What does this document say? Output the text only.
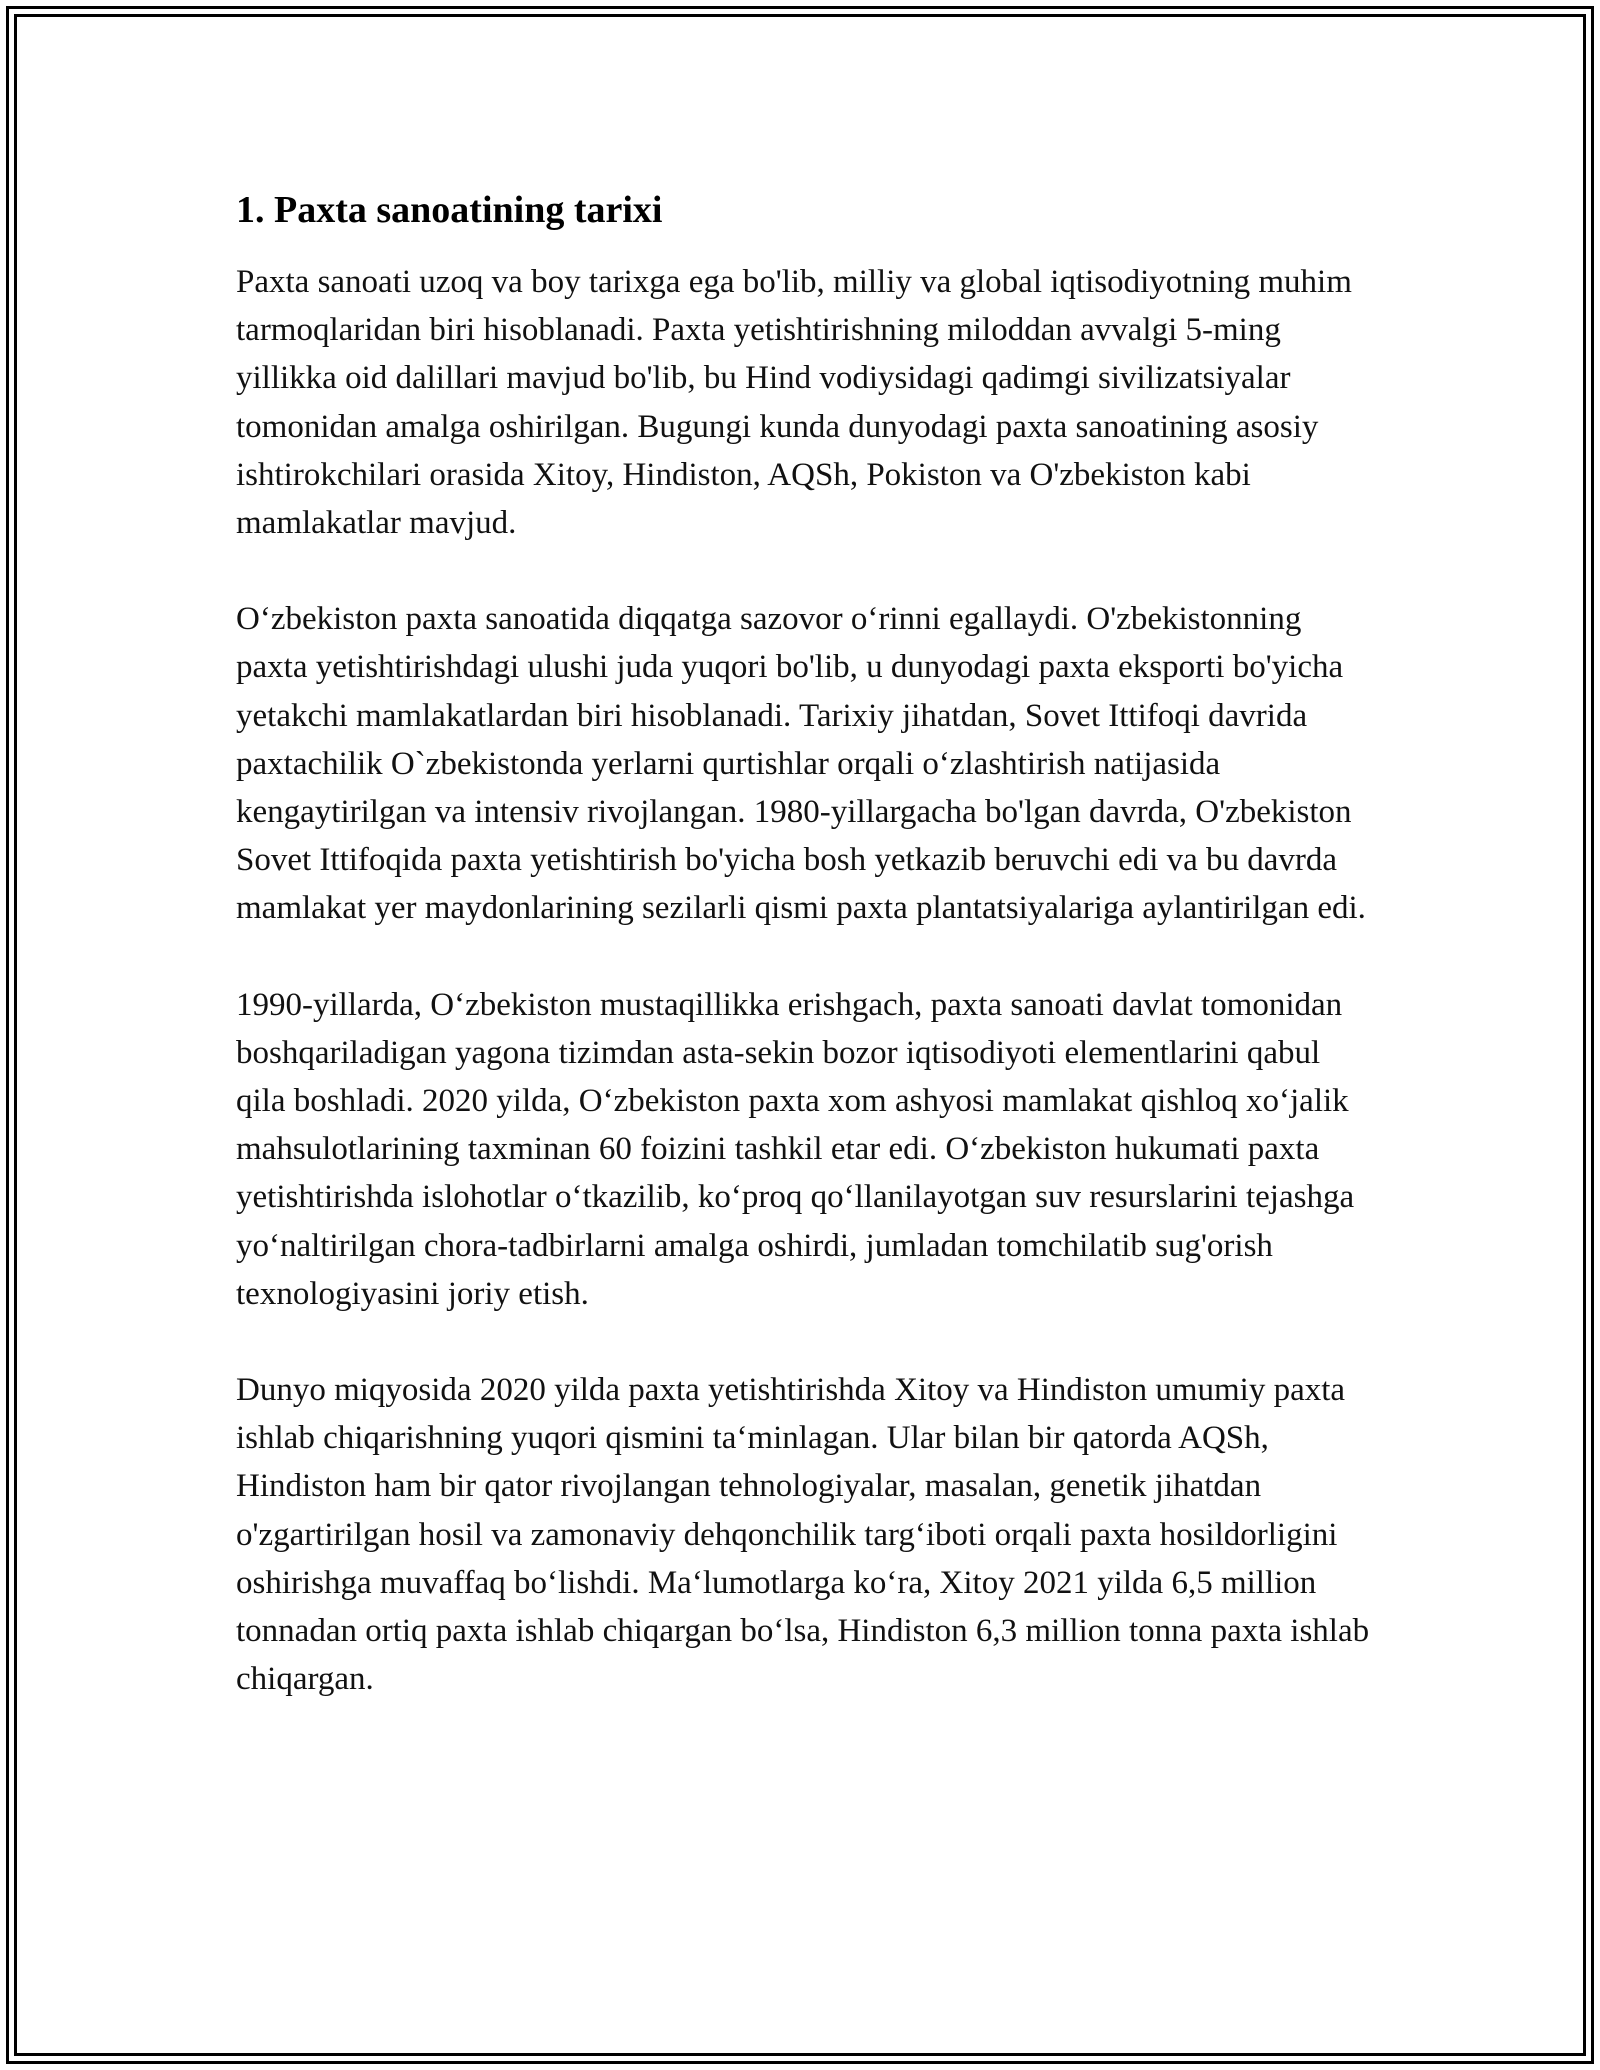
1. Paxta sanoatining tarixi

Paxta sanoati uzoq va boy tarixga ega bo'lib, milliy va global iqtisodiyotning muhim tarmoqlaridan biri hisoblanadi. Paxta yetishtirishning miloddan avvalgi 5-ming yillikka oid dalillari mavjud bo'lib, bu Hind vodiysidagi qadimgi sivilizatsiyalar tomonidan amalga oshirilgan. Bugungi kunda dunyodagi paxta sanoatining asosiy ishtirokchilari orasida Xitoy, Hindiston, AQSh, Pokiston va O'zbekiston kabi mamlakatlar mavjud.

O‘zbekiston paxta sanoatida diqqatga sazovor o‘rinni egallaydi. O'zbekistonning paxta yetishtirishdagi ulushi juda yuqori bo'lib, u dunyodagi paxta eksporti bo'yicha yetakchi mamlakatlardan biri hisoblanadi. Tarixiy jihatdan, Sovet Ittifoqi davrida paxtachilik O`zbekistonda yerlarni qurtishlar orqali o‘zlashtirish natijasida kengaytirilgan va intensiv rivojlangan. 1980-yillargacha bo'lgan davrda, O'zbekiston Sovet Ittifoqida paxta yetishtirish bo'yicha bosh yetkazib beruvchi edi va bu davrda mamlakat yer maydonlarining sezilarli qismi paxta plantatsiyalariga aylantirilgan edi.

1990-yillarda, O‘zbekiston mustaqillikka erishgach, paxta sanoati davlat tomonidan boshqariladigan yagona tizimdan asta-sekin bozor iqtisodiyoti elementlarini qabul qila boshladi. 2020 yilda, O‘zbekiston paxta xom ashyosi mamlakat qishloq xo‘jalik mahsulotlarining taxminan 60 foizini tashkil etar edi. O‘zbekiston hukumati paxta yetishtirishda islohotlar o‘tkazilib, ko‘proq qo‘llanilayotgan suv resurslarini tejashga yo‘naltirilgan chora-tadbirlarni amalga oshirdi, jumladan tomchilatib sug'orish texnologiyasini joriy etish.

Dunyo miqyosida 2020 yilda paxta yetishtirishda Xitoy va Hindiston umumiy paxta ishlab chiqarishning yuqori qismini ta‘minlagan. Ular bilan bir qatorda AQSh, Hindiston ham bir qator rivojlangan tehnologiyalar, masalan, genetik jihatdan o'zgartirilgan hosil va zamonaviy dehqonchilik targ‘iboti orqali paxta hosildorligini oshirishga muvaffaq bo‘lishdi. Ma‘lumotlarga ko‘ra, Xitoy 2021 yilda 6,5 million tonnadan ortiq paxta ishlab chiqargan bo‘lsa, Hindiston 6,3 million tonna paxta ishlab chiqargan.
